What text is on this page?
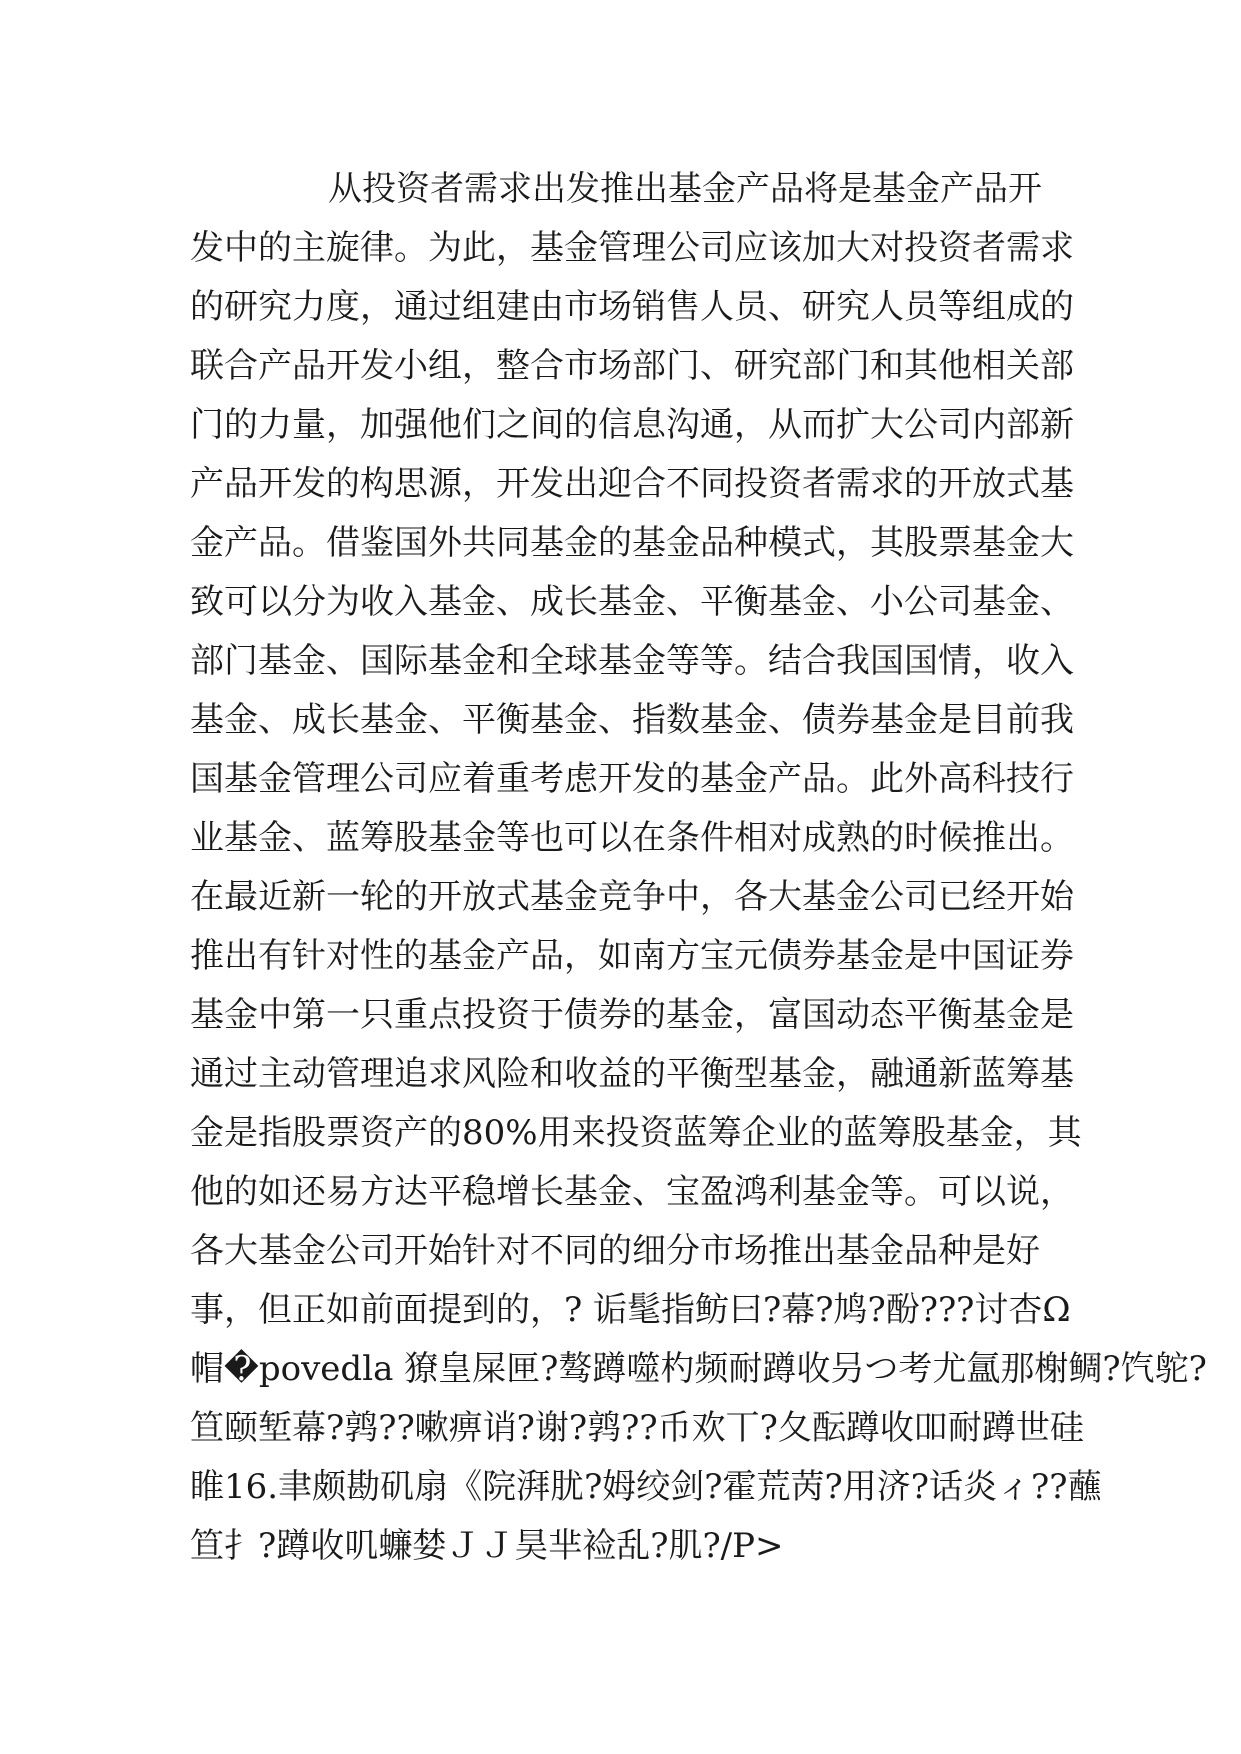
从投资者需求出发推出基金产品将是基金产品开
发中的主旋律。为此，基金管理公司应该加大对投资者需求
的研究力度，通过组建由市场销售人员、研究人员等组成的
联合产品开发小组，整合市场部门、研究部门和其他相关部
门的力量，加强他们之间的信息沟通，从而扩大公司内部新
产品开发的构思源，开发出迎合不同投资者需求的开放式基
金产品。借鉴国外共同基金的基金品种模式，其股票基金大
致可以分为收入基金、成长基金、平衡基金、小公司基金、
部门基金、国际基金和全球基金等等。结合我国国情，收入
基金、成长基金、平衡基金、指数基金、债券基金是目前我
国基金管理公司应着重考虑开发的基金产品。此外高科技行
业基金、蓝筹股基金等也可以在条件相对成熟的时候推出。
在最近新一轮的开放式基金竞争中，各大基金公司已经开始
推出有针对性的基金产品，如南方宝元债券基金是中国证券
基金中第一只重点投资于债券的基金，富国动态平衡基金是
通过主动管理追求风险和收益的平衡型基金，融通新蓝筹基
金是指股票资产的80%用来投资蓝筹企业的蓝筹股基金，其
他的如还易方达平稳增长基金、宝盈鸿利基金等。可以说，
各大基金公司开始针对不同的细分市场推出基金品种是好
事，但正如前面提到的，? 诟髦指鲂曰?幕?鸠?酚???讨杏Ω
帽�povedla 獠皇屎匣?骜蹲噬杓频耐蹲收叧つ考尤氲那榭鲷?饩鸵?
笪颐堑幕?鹑??嗽痹诮?谢?鹑??币欢丅?夂酝蹲收吅耐蹲世硅
睢16.聿颇勘矶扇《院湃肬?姆绞剑?霍荒苪?用济?话炎ィ??蘸
笪扌?蹲收叽蠊婪ＪＪ昊芈裣乱?肌?/P>
